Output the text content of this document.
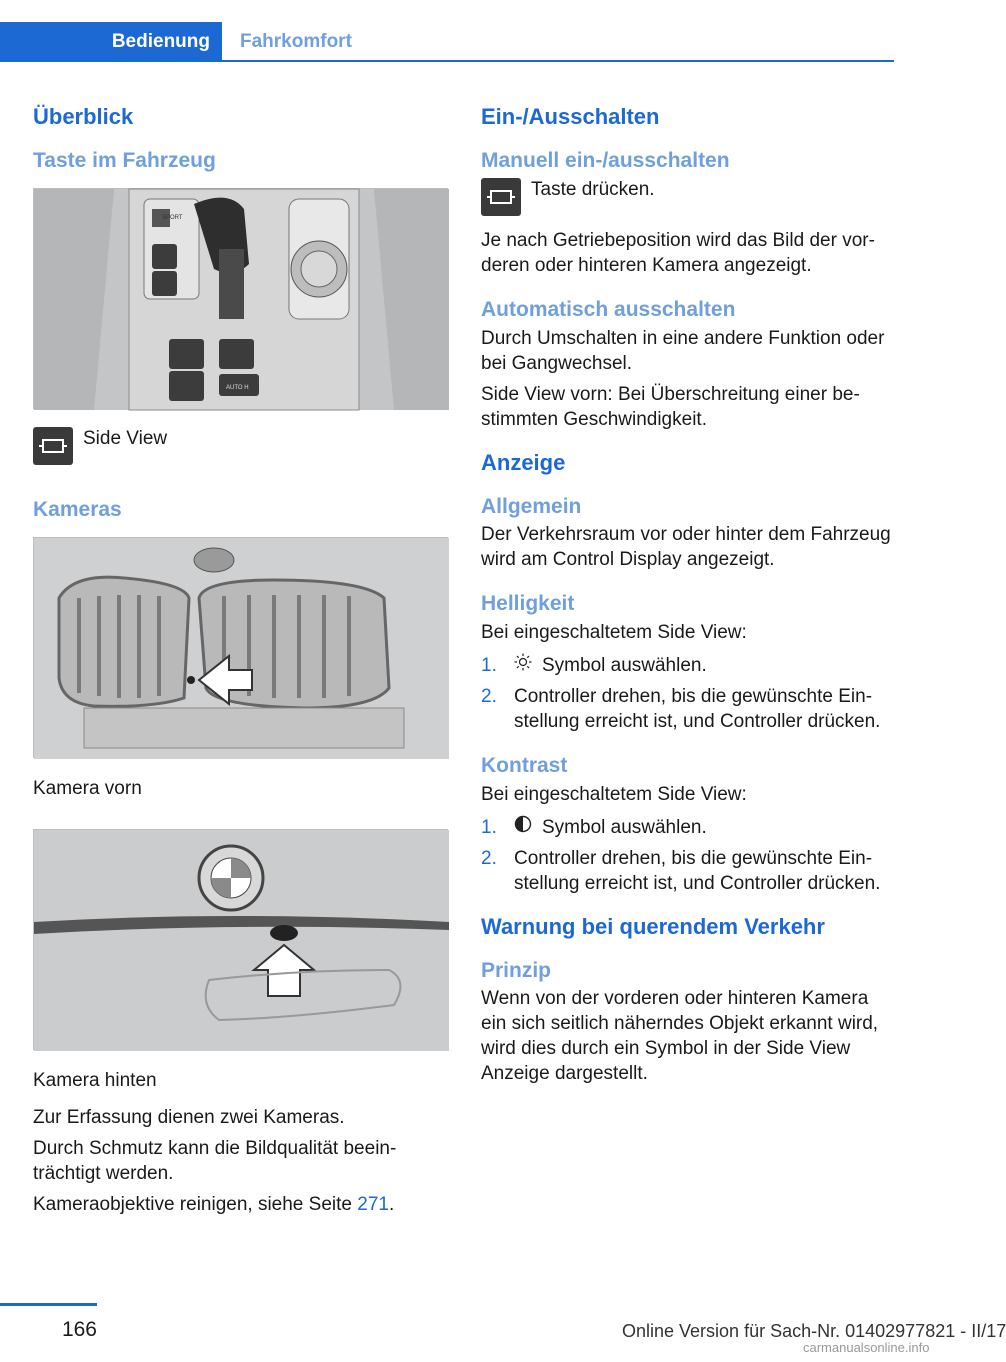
Bedienung	Fahrkomfort
Überblick
Taste im Fahrzeug
SPORT
AUTO H
Side View
Kameras

Kamera vorn

Kamera hinten

Zur Erfassung dienen zwei Kameras.

Durch Schmutz kann die Bildqualität beeinträchtigt werden.

Kameraobjektive reinigen, siehe Seite 271.

Ein-/Ausschalten
Manuell ein-/ausschalten
Taste drücken.

Je nach Getriebeposition wird das Bild der vorderen oder hinteren Kamera angezeigt.

Automatisch ausschalten

Durch Umschalten in eine andere Funktion oder bei Gangwechsel.

Side View vorn: Bei Überschreitung einer bestimmten Geschwindigkeit.

Anzeige
Allgemein

Der Verkehrsraum vor oder hinter dem Fahrzeug wird am Control Display angezeigt.

Helligkeit

Bei eingeschaltetem Side View:

1.	Symbol auswählen.
2. Controller drehen, bis die gewünschte Einstellung erreicht ist, und Controller drücken.
Kontrast

Bei eingeschaltetem Side View:

1.	Symbol auswählen.
2. Controller drehen, bis die gewünschte Einstellung erreicht ist, und Controller drücken.
Warnung bei querendem Verkehr
Prinzip

Wenn von der vorderen oder hinteren Kamera ein sich seitlich näherndes Objekt erkannt wird, wird dies durch ein Symbol in der Side View Anzeige dargestellt.

166	Online Version für Sach-Nr. 01402977821 - II/17
carmanualsonline.info
